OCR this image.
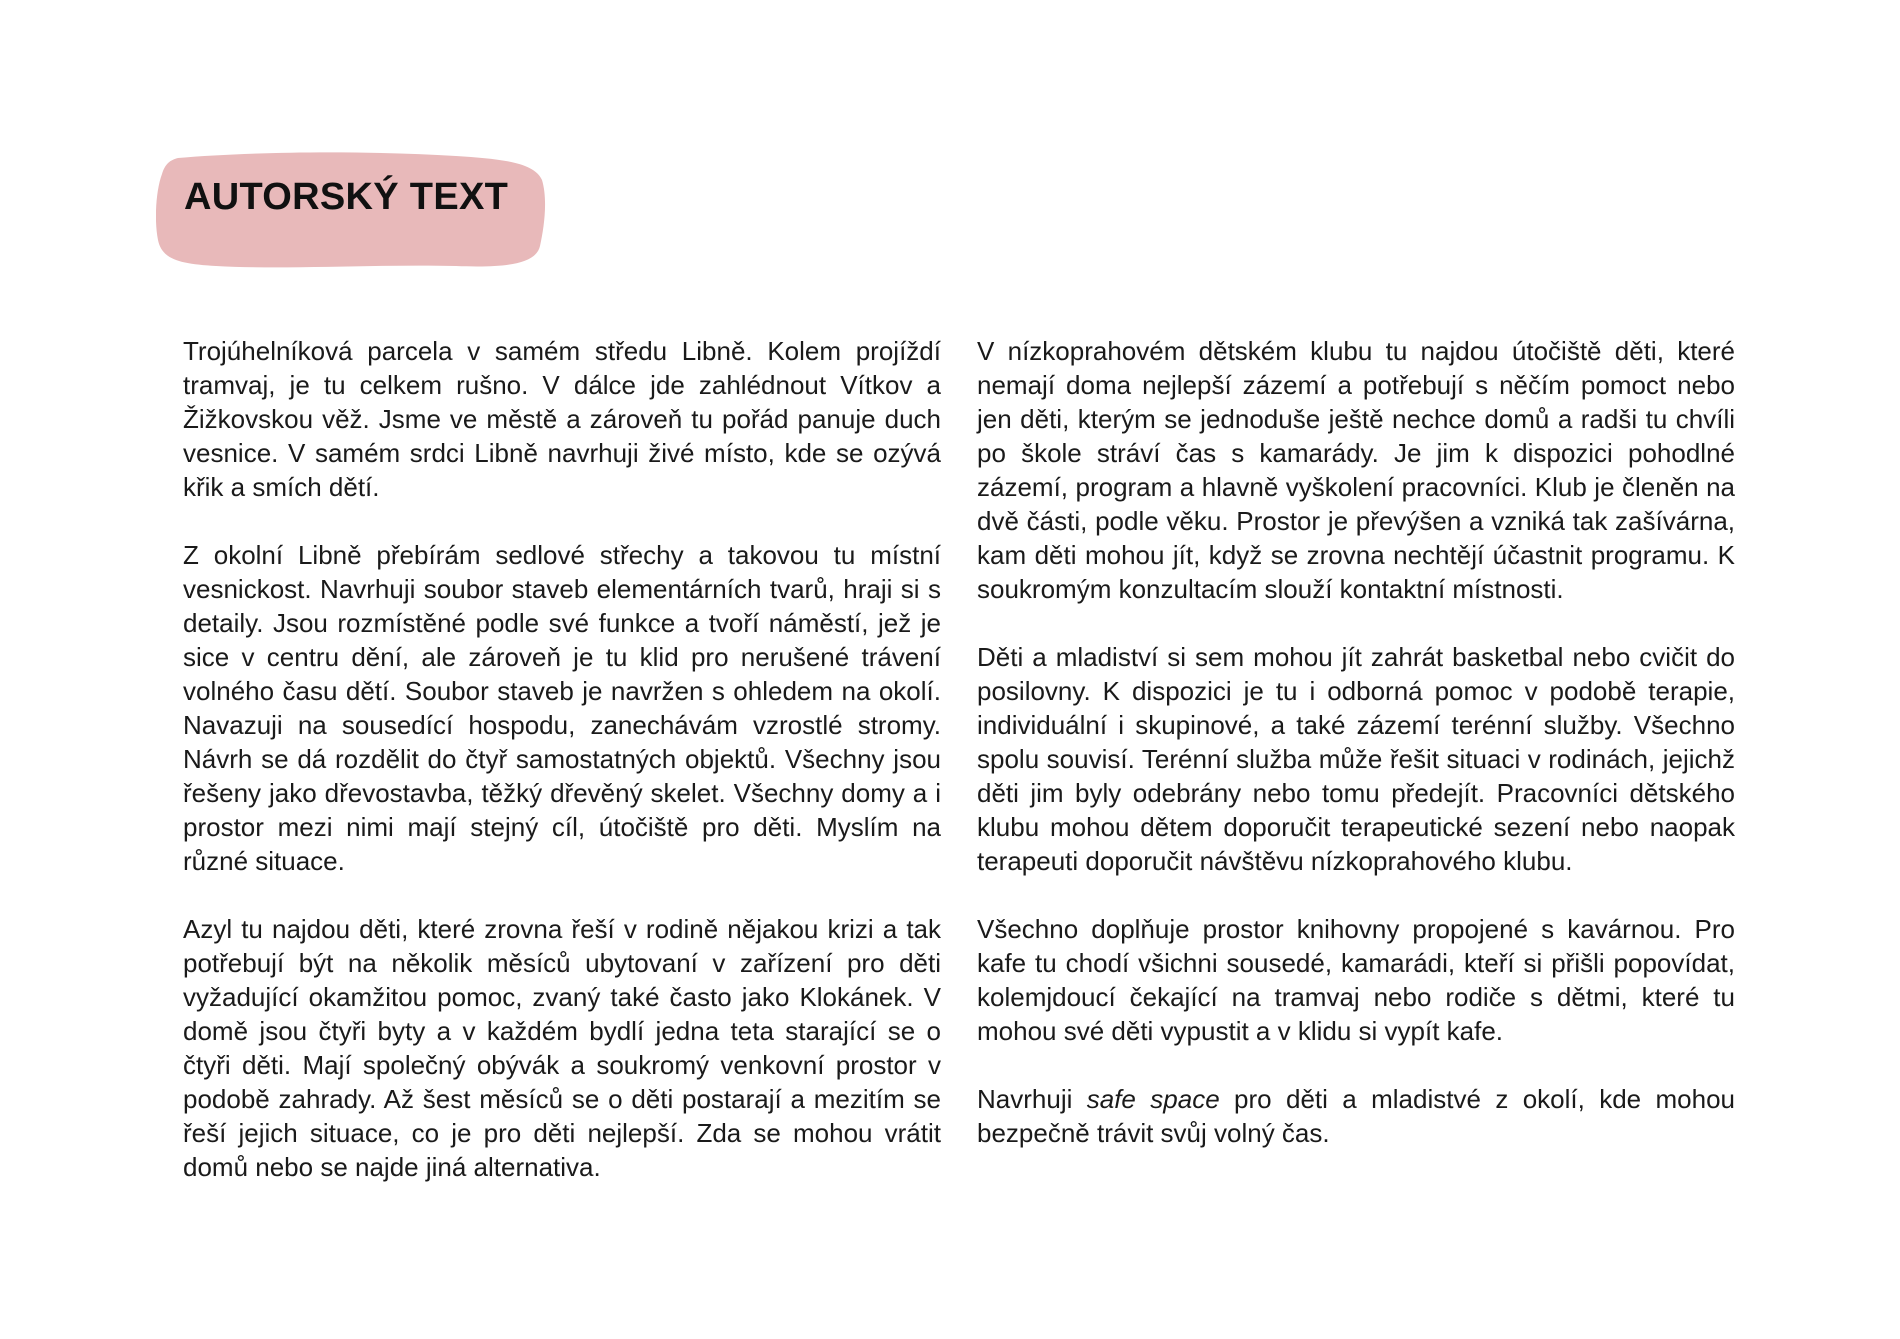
AUTORSKÝ TEXT

Trojúhelníková parcela v samém středu Libně. Kolem projíždí tramvaj, je tu celkem rušno. V dálce jde zahlédnout Vítkov a Žižkovskou věž. Jsme ve městě a zároveň tu pořád panuje duch vesnice. V samém srdci Libně navrhuji živé místo, kde se ozývá křik a smích dětí.

Z okolní Libně přebírám sedlové střechy a takovou tu místní vesnickost. Navrhuji soubor staveb elementárních tvarů, hraji si s detaily. Jsou rozmístěné podle své funkce a tvoří náměstí, jež je sice v centru dění, ale zároveň je tu klid pro nerušené trávení volného času dětí. Soubor staveb je navržen s ohledem na okolí. Navazuji na sousedící hospodu, zanechávám vzrostlé stromy. Návrh se dá rozdělit do čtyř samostatných objektů. Všechny jsou řešeny jako dřevostavba, těžký dřevěný skelet. Všechny domy a i prostor mezi nimi mají stejný cíl, útočiště pro děti. Myslím na různé situace.

Azyl tu najdou děti, které zrovna řeší v rodině nějakou krizi a tak potřebují být na několik měsíců ubytovaní v zařízení pro děti vyžadující okamžitou pomoc, zvaný také často jako Klokánek. V domě jsou čtyři byty a v každém bydlí jedna teta starající se o čtyři děti. Mají společný obývák a soukromý venkovní prostor v podobě zahrady. Až šest měsíců se o děti postarají a mezitím se řeší jejich situace, co je pro děti nejlepší. Zda se mohou vrátit domů nebo se najde jiná alternativa.

V nízkoprahovém dětském klubu tu najdou útočiště děti, které nemají doma nejlepší zázemí a potřebují s něčím pomoct nebo jen děti, kterým se jednoduše ještě nechce domů a radši tu chvíli po škole stráví čas s kamarády. Je jim k dispozici pohodlné zázemí, program a hlavně vyškolení pracovníci. Klub je členěn na dvě části, podle věku. Prostor je převýšen a vzniká tak zašívárna, kam děti mohou jít, když se zrovna nechtějí účastnit programu. K soukromým konzultacím slouží kontaktní místnosti.

Děti a mladiství si sem mohou jít zahrát basketbal nebo cvičit do posilovny. K dispozici je tu i odborná pomoc v podobě terapie, individuální i skupinové, a také zázemí terénní služby. Všechno spolu souvisí. Terénní služba může řešit situaci v rodinách, jejichž děti jim byly odebrány nebo tomu předejít. Pracovníci dětského klubu mohou dětem doporučit terapeutické sezení nebo naopak terapeuti doporučit návštěvu nízkoprahového klubu.

Všechno doplňuje prostor knihovny propojené s kavárnou. Pro kafe tu chodí všichni sousedé, kamarádi, kteří si přišli popovídat, kolemjdoucí čekající na tramvaj nebo rodiče s dětmi, které tu mohou své děti vypustit a v klidu si vypít kafe.

Navrhuji safe space pro děti a mladistvé z okolí, kde mohou bezpečně trávit svůj volný čas.
